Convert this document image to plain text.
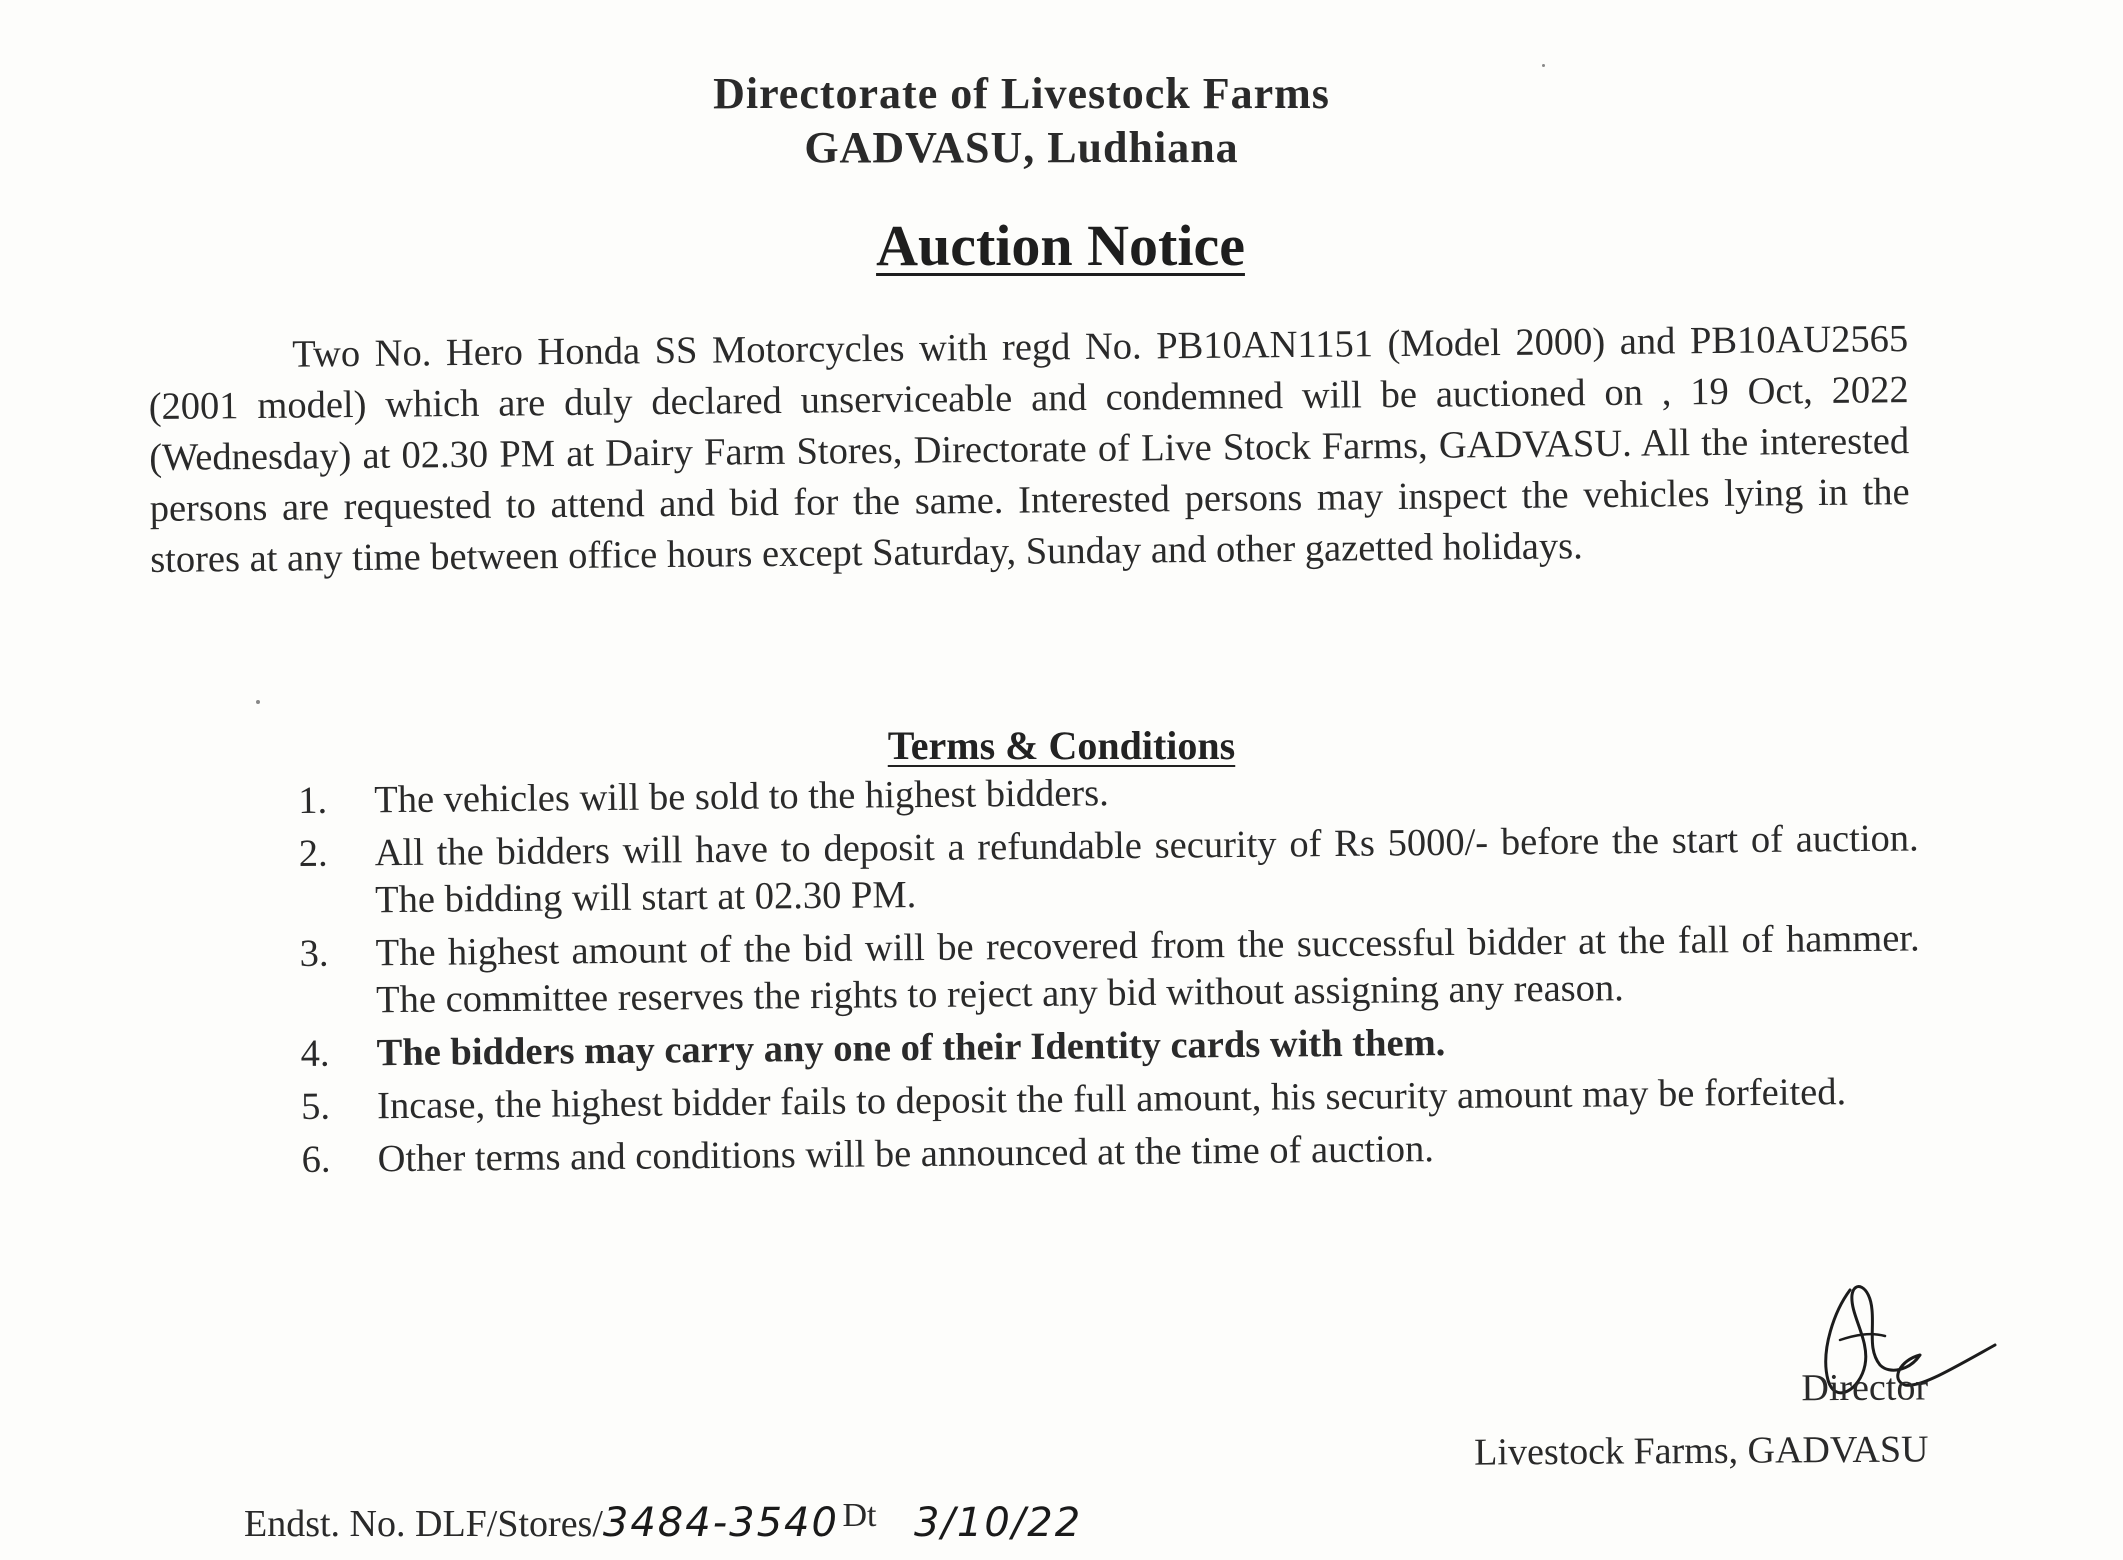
Directorate of Livestock Farms
GADVASU, Ludhiana
Auction Notice

Two No. Hero Honda SS Motorcycles with regd No. PB10AN1151 (Model 2000) and PB10AU2565 (2001 model) which are duly declared unserviceable and condemned will be auctioned on , 19 Oct, 2022 (Wednesday) at 02.30 PM at Dairy Farm Stores, Directorate of Live Stock Farms, GADVASU. All the interested persons are requested to attend and bid for the same. Interested persons may inspect the vehicles lying in the stores at any time between office hours except Saturday, Sunday and other gazetted holidays.

Terms & Conditions
1.	The vehicles will be sold to the highest bidders.
2.	All the bidders will have to deposit a refundable security of Rs 5000/- before the start of auction. The bidding will start at 02.30 PM.
3.	The highest amount of the bid will be recovered from the successful bidder at the fall of hammer. The committee reserves the rights to reject any bid without assigning any reason.
4.	The bidders may carry any one of their Identity cards with them.
5.	Incase, the highest bidder fails to deposit the full amount, his security amount may be forfeited.
6.	Other terms and conditions will be announced at the time of auction.
Director
Livestock Farms, GADVASU
Endst. No. DLF/Stores/3484-3540 Dt 3/10/22
